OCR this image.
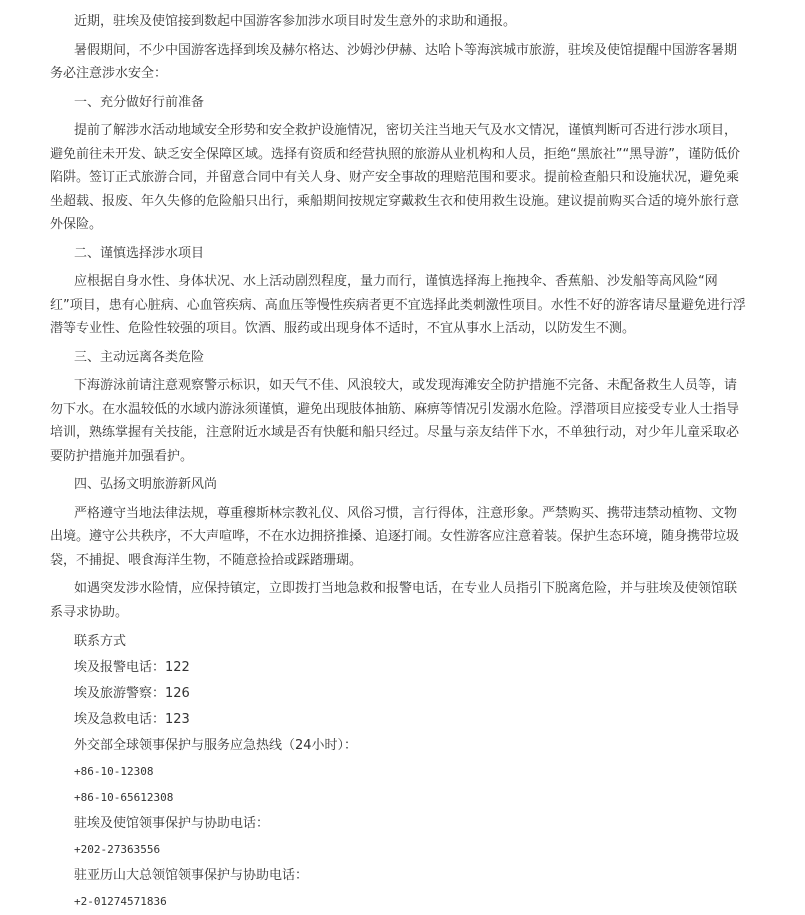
近期，驻埃及使馆接到数起中国游客参加涉水项目时发生意外的求助和通报。

暑假期间，不少中国游客选择到埃及赫尔格达、沙姆沙伊赫、达哈卜等海滨城市旅游，驻埃及使馆提醒中国游客暑期务必注意涉水安全：

一、充分做好行前准备

提前了解涉水活动地域安全形势和安全救护设施情况，密切关注当地天气及水文情况，谨慎判断可否进行涉水项目，避免前往未开发、缺乏安全保障区域。选择有资质和经营执照的旅游从业机构和人员，拒绝“黑旅社”“黑导游”，谨防低价陷阱。签订正式旅游合同，并留意合同中有关人身、财产安全事故的理赔范围和要求。提前检查船只和设施状况，避免乘坐超载、报废、年久失修的危险船只出行，乘船期间按规定穿戴救生衣和使用救生设施。建议提前购买合适的境外旅行意外保险。

二、谨慎选择涉水项目

应根据自身水性、身体状况、水上活动剧烈程度，量力而行，谨慎选择海上拖拽伞、香蕉船、沙发船等高风险“网红”项目，患有心脏病、心血管疾病、高血压等慢性疾病者更不宜选择此类刺激性项目。水性不好的游客请尽量避免进行浮潜等专业性、危险性较强的项目。饮酒、服药或出现身体不适时，不宜从事水上活动，以防发生不测。

三、主动远离各类危险

下海游泳前请注意观察警示标识，如天气不佳、风浪较大，或发现海滩安全防护措施不完备、未配备救生人员等，请勿下水。在水温较低的水域内游泳须谨慎，避免出现肢体抽筋、麻痹等情况引发溺水危险。浮潜项目应接受专业人士指导培训，熟练掌握有关技能，注意附近水域是否有快艇和船只经过。尽量与亲友结伴下水，不单独行动，对少年儿童采取必要防护措施并加强看护。

四、弘扬文明旅游新风尚

严格遵守当地法律法规，尊重穆斯林宗教礼仪、风俗习惯，言行得体，注意形象。严禁购买、携带违禁动植物、文物出境。遵守公共秩序，不大声喧哗，不在水边拥挤推搡、追逐打闹。女性游客应注意着装。保护生态环境，随身携带垃圾袋，不捕捉、喂食海洋生物，不随意捡拾或踩踏珊瑚。

如遇突发涉水险情，应保持镇定，立即拨打当地急救和报警电话，在专业人员指引下脱离危险，并与驻埃及使领馆联系寻求协助。

联系方式

埃及报警电话：122

埃及旅游警察：126

埃及急救电话：123

外交部全球领事保护与服务应急热线（24小时）：

+86-10-12308

+86-10-65612308

驻埃及使馆领事保护与协助电话：

+202-27363556

驻亚历山大总领馆领事保护与协助电话：

+2-01274571836
